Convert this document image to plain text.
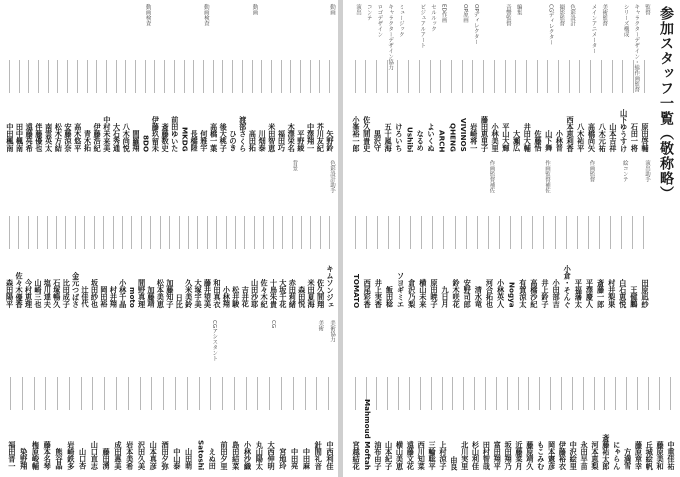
動画
矢野鈴
芥川友紀
中澤翔一
平野綾
木澤栄名
福田巧
米田智恵
川畑泰
動画
高田拓
渡部さくら
ひのき
後大桃子
高橋一葉
動画検査
何雅宇
長橋陸
MKDG
前田ゆいた
斎藤数史
伊藤玖留未
動画検査
8DO
間羅翔
八木尚悦
大石秀通
中村未来美
伊藤浩紀
青木拓
高木悠平
安藤涼奈
松木方結
南雲英太
伴藤優也
遠藤亮希
田中楓南
中田楓南
色彩設計助手
キムソンジェ
佐久間翔
米田夏海
森田悦
背景
赤田莉緒
大坂千花
十鳥朱貴
佐々木紀
山田沙耶
吉井花
松井駿
小林翔
和田真衣
藤井望美
大塚宇美
久米美鈴
日比
加藤知子
松本美恵
加藤靖
間野真理
moto
小林千晶
村井翔
岡田裕
坂田紗也
辻佳代
金元つばさ
比田成子
石塚暢久
塩川達夫
山崎三也
今村恵理
佐々木優香
森田陽平
美術協力
中西利佳
美術
針間礼音
中田麻
中田亮
宮地玲
CG
大西伸明
丸山陽太
小林沙織
島田結菜
前田夕里
CGアシスタント
えぬ田
Satoshi
山田萌
中山泰
酒田夕弥
山本真彦
沢田久美
岩本美希
成田惠美
藤田湧
山口直志
山口杏
岩崎鉄多
熊谷晶
藤本名琴
梅原峻輔
染野翔
福田晋一
参加スタッフ一覧（敬称略）
監督
原田啓輔
キャラクターデザイン・総作画監督
石田一将
シリーズ構成
山下ゆうすけ
山本吉祥
美術監督
八木元祐
メインアニメーター
高橋尚矢
八木祐平
色彩設計
西本恵利香
撮影監督
小林晋
CGディレクター
山下舞
佐藤悟
井田大輔
編集
大瀬広
音響監督
平山大輝
小林美里
藤田恵里子
OPディレクター
岩崎将一
OP原画
VIVINOS
QHENG
ED作画
ARCH
セルルック
よいくぬ
ビジュアルアート
なるめ
Ushibi
ミュージック
けろいち
キャラクターデザイン協力
五十嵐海
ロゴデザイン
黒沢守
コンテ
佐久間貴史
演出
小峯裕一郎
演出助手
田原凪紗
王健鵬
絵コンテ
白石恵悦
村井梨果
斎藤一郎
作画監督
平澤慶人
平福藩太
小倉・そんぐ
小田部吉
作画監督補佐
井上鈴子
高橋沙紀
有賀涼太
Nogya
小林英人
作画監督補佐
河合拓也
清水竜
安野司郎
鈴木咲花
九日月
原田暁子
横山未来
倉沢乃梨
ソヨギミエ
飯田稔
井上実香
西尾彩香
TOMATO
中重佳祐
藤原美和
丘城絵帆
藤原章幸
方満雪
にゃらん
斎藤祐太郎
河本恵梨
永田早苗
中沢絵里
伊藤裕衣
岡本憲彦
もこみむ
藤原靖久
近藤菜月
坂田翔乃
富田翔平
田村智哉
杉山利佳
北川実里
由良
上村涼子
三輪聡平
西川知菜
遠藤文花
横山美恵
山本紀子
油布由子
Mahmoud Moftah
宮越結花
